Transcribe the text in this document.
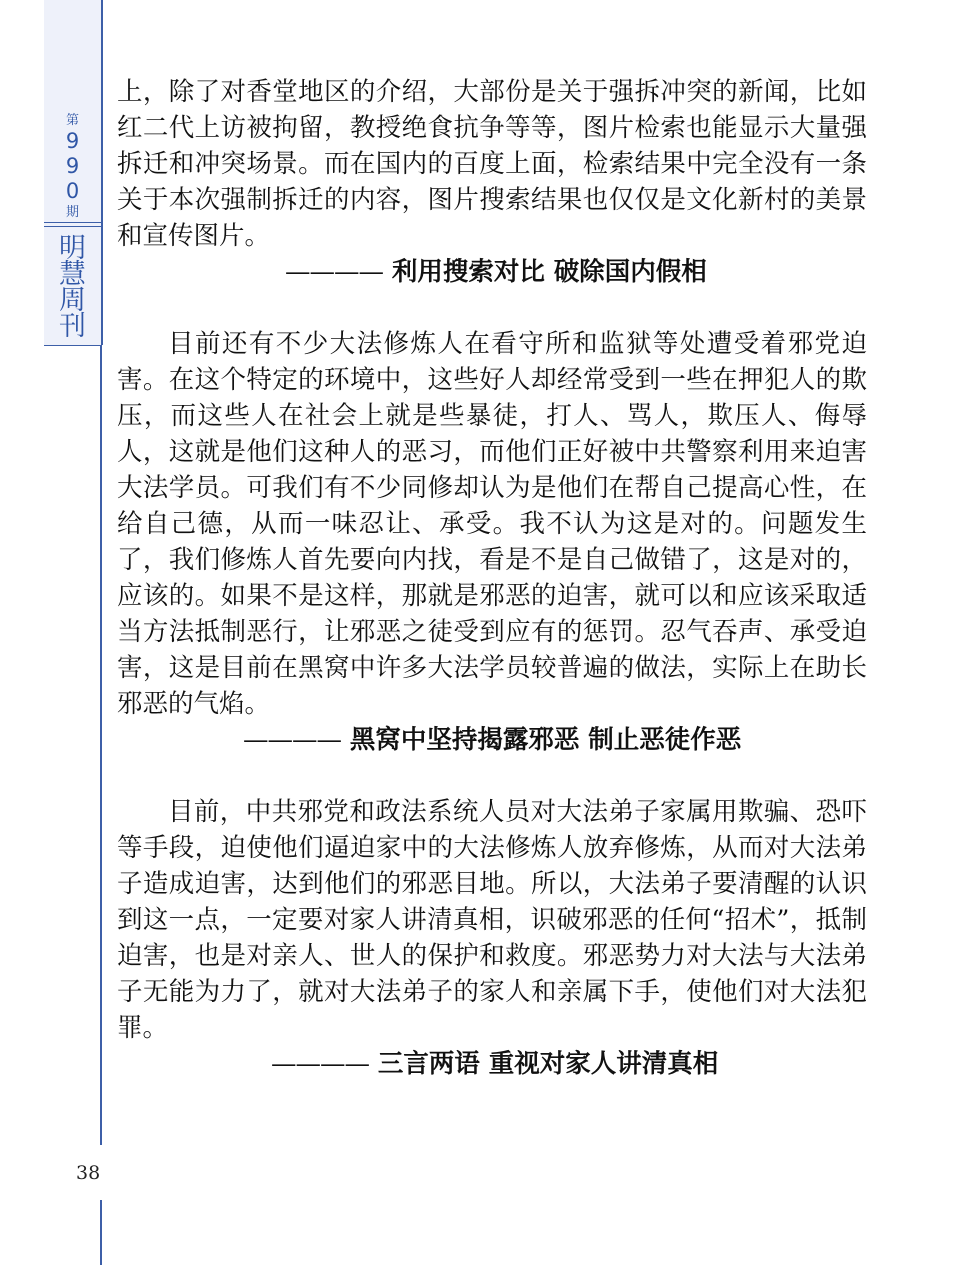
第
9
9
0
期
明
慧
周
刊

上，除了对香堂地区的介绍，大部份是关于强拆冲突的新闻，比如红二代上访被拘留，教授绝食抗争等等，图片检索也能显示大量强拆迁和冲突场景。而在国内的百度上面，检索结果中完全没有一条关于本次强制拆迁的内容，图片搜索结果也仅仅是文化新村的美景和宣传图片。

———— 利用搜索对比 破除国内假相

目前还有不少大法修炼人在看守所和监狱等处遭受着邪党迫害。在这个特定的环境中，这些好人却经常受到一些在押犯人的欺压，而这些人在社会上就是些暴徒，打人、骂人，欺压人、侮辱人，这就是他们这种人的恶习，而他们正好被中共警察利用来迫害大法学员。可我们有不少同修却认为是他们在帮自己提高心性，在给自己德，从而一味忍让、承受。我不认为这是对的。问题发生了，我们修炼人首先要向内找，看是不是自己做错了，这是对的，应该的。如果不是这样，那就是邪恶的迫害，就可以和应该采取适当方法抵制恶行，让邪恶之徒受到应有的惩罚。忍气吞声、承受迫害，这是目前在黑窝中许多大法学员较普遍的做法，实际上在助长邪恶的气焰。

———— 黑窝中坚持揭露邪恶 制止恶徒作恶

目前，中共邪党和政法系统人员对大法弟子家属用欺骗、恐吓等手段，迫使他们逼迫家中的大法修炼人放弃修炼，从而对大法弟子造成迫害，达到他们的邪恶目地。所以，大法弟子要清醒的认识到这一点，一定要对家人讲清真相，识破邪恶的任何“招术”，抵制迫害，也是对亲人、世人的保护和救度。邪恶势力对大法与大法弟子无能为力了，就对大法弟子的家人和亲属下手，使他们对大法犯罪。

———— 三言两语 重视对家人讲清真相

38
